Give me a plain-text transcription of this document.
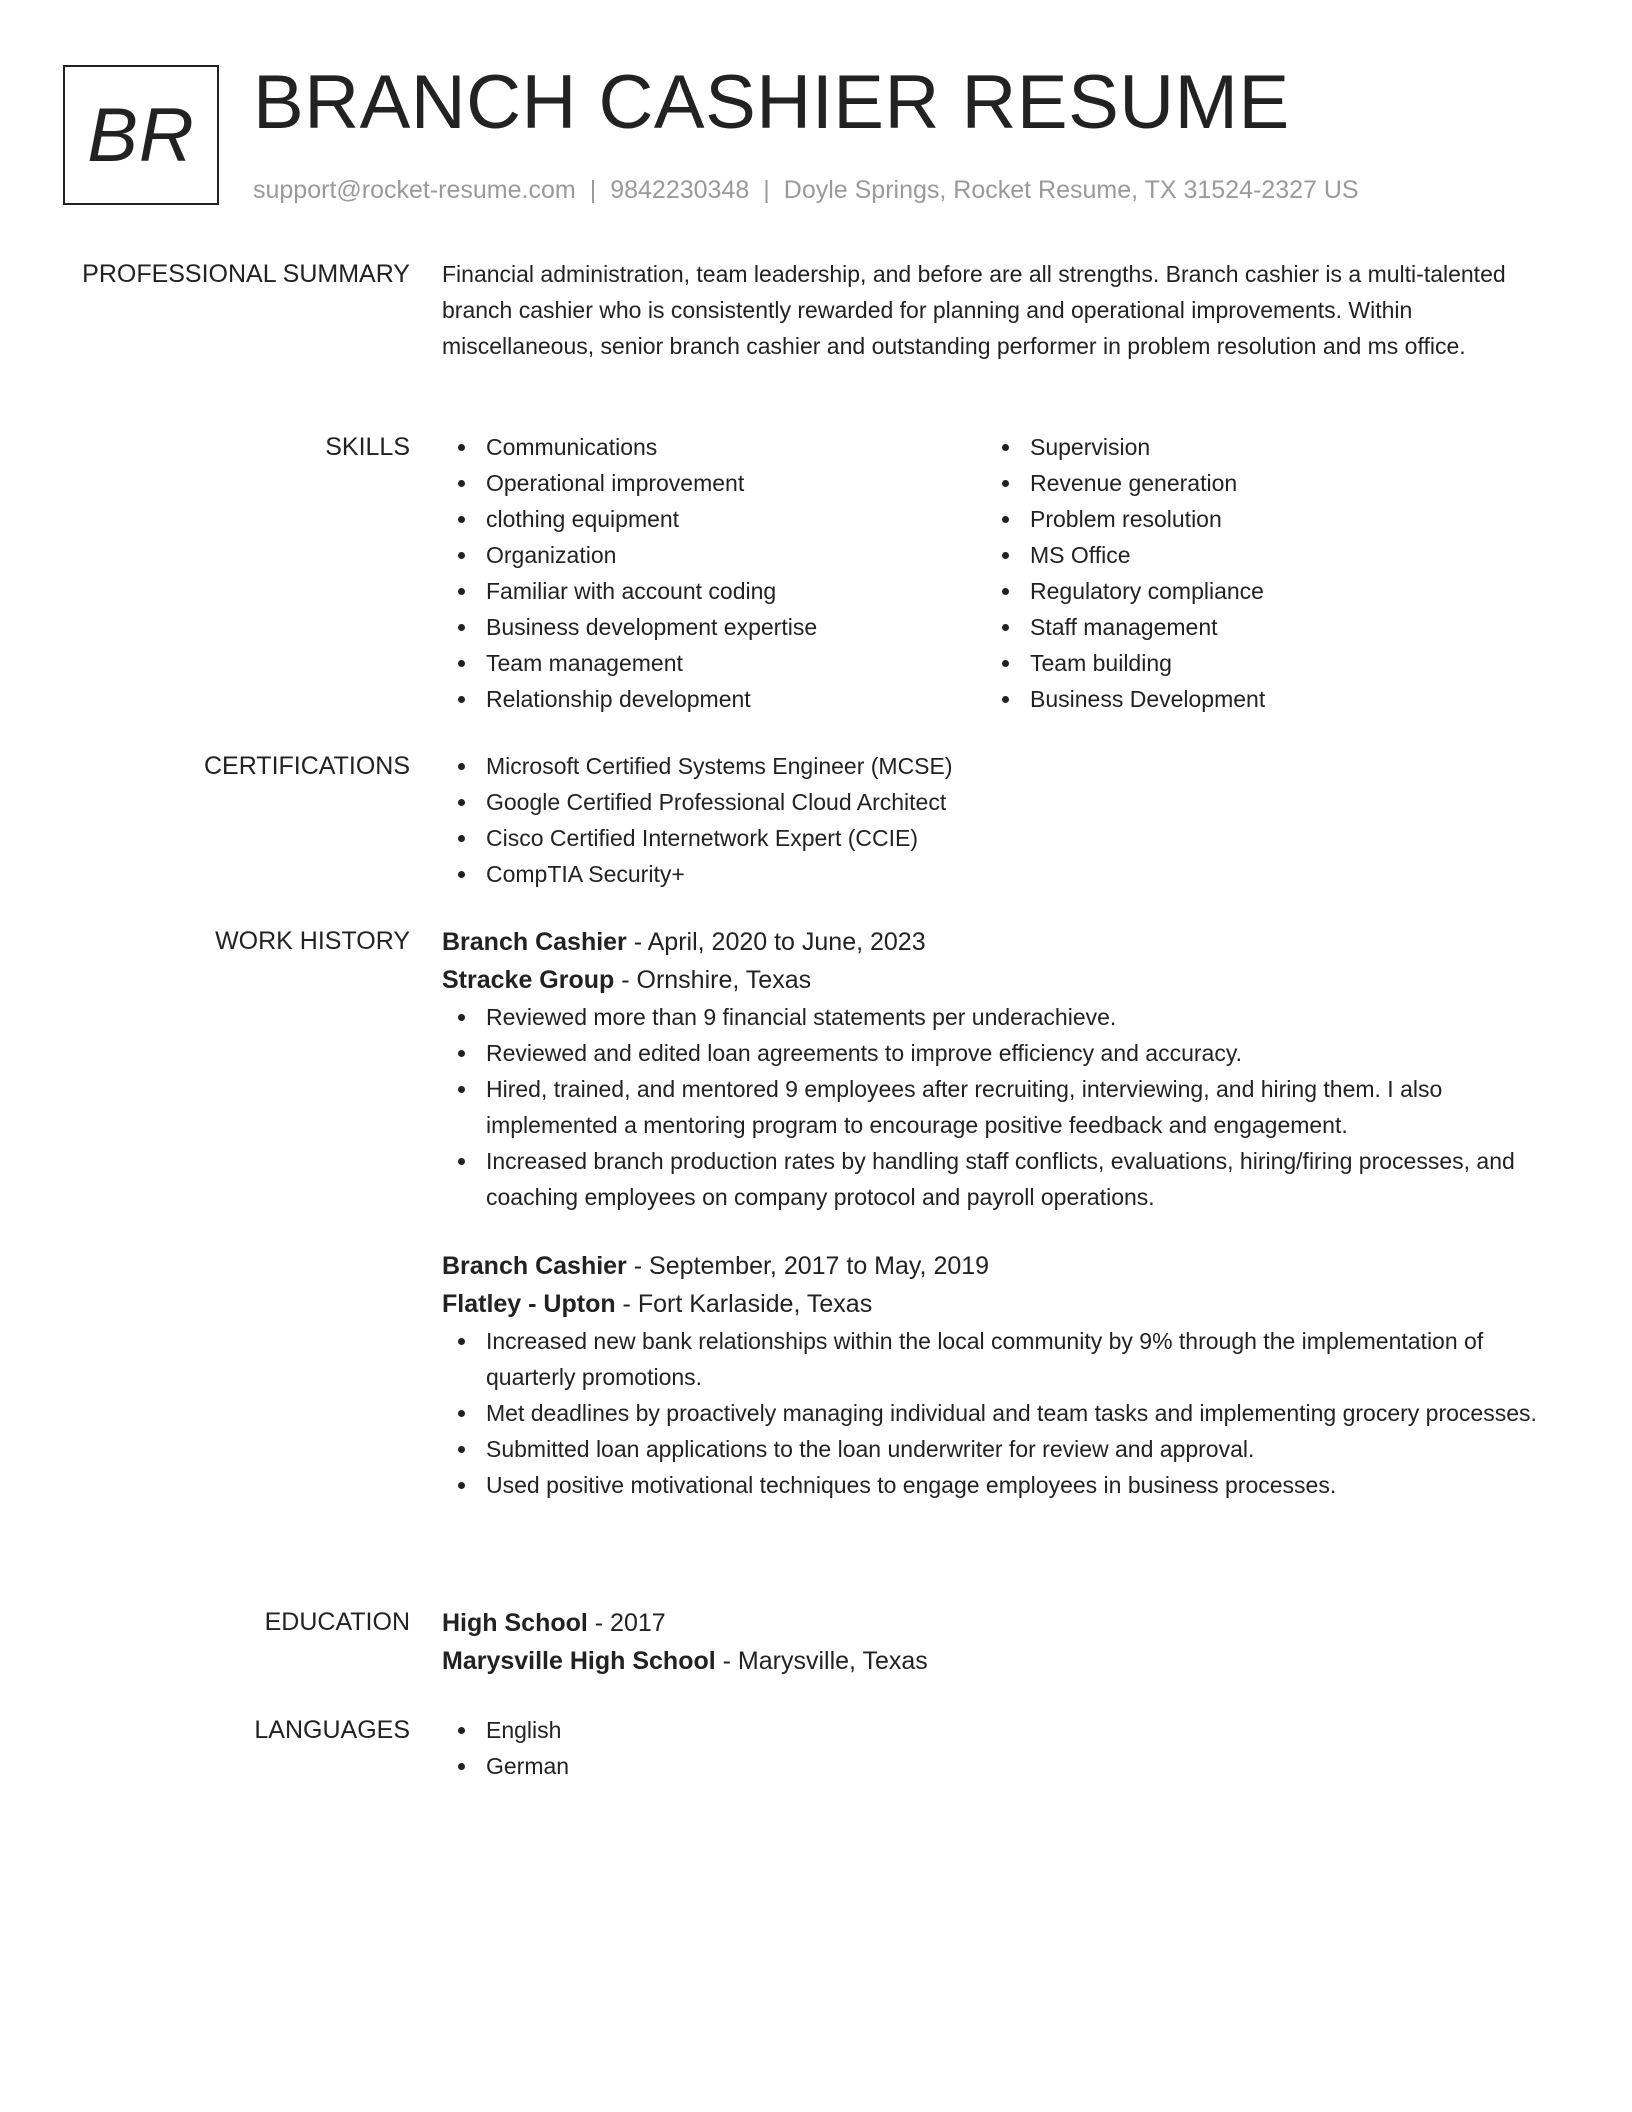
BR BRANCH CASHIER RESUME
support@rocket-resume.com | 9842230348 | Doyle Springs, Rocket Resume, TX 31524-2327 US
PROFESSIONAL SUMMARY Financial administration, team leadership, and before are all strengths. Branch cashier is a multi-talented branch cashier who is consistently rewarded for planning and operational improvements. Within miscellaneous, senior branch cashier and outstanding performer in problem resolution and ms office.

SKILLS	Communications
Operational improvement
clothing equipment
Organization
Familiar with account coding
Business development expertise
Team management
Relationship development
Supervision
Revenue generation
Problem resolution
MS Office
Regulatory compliance
Staff management
Team building
Business Development
CERTIFICATIONS	Microsoft Certified Systems Engineer (MCSE)
Google Certified Professional Cloud Architect
Cisco Certified Internetwork Expert (CCIE)
CompTIA Security+
WORK HISTORY Branch Cashier - April, 2020 to June, 2023
Stracke Group - Ornshire, Texas
Reviewed more than 9 financial statements per underachieve.
Reviewed and edited loan agreements to improve efficiency and accuracy.
Hired, trained, and mentored 9 employees after recruiting, interviewing, and hiring them. I also implemented a mentoring program to encourage positive feedback and engagement.
Increased branch production rates by handling staff conflicts, evaluations, hiring/firing processes, and coaching employees on company protocol and payroll operations.
Branch Cashier - September, 2017 to May, 2019
Flatley - Upton - Fort Karlaside, Texas
Increased new bank relationships within the local community by 9% through the implementation of quarterly promotions.
Met deadlines by proactively managing individual and team tasks and implementing grocery processes.
Submitted loan applications to the loan underwriter for review and approval.
Used positive motivational techniques to engage employees in business processes.
EDUCATION High School - 2017
Marysville High School - Marysville, Texas
LANGUAGES	English
German
